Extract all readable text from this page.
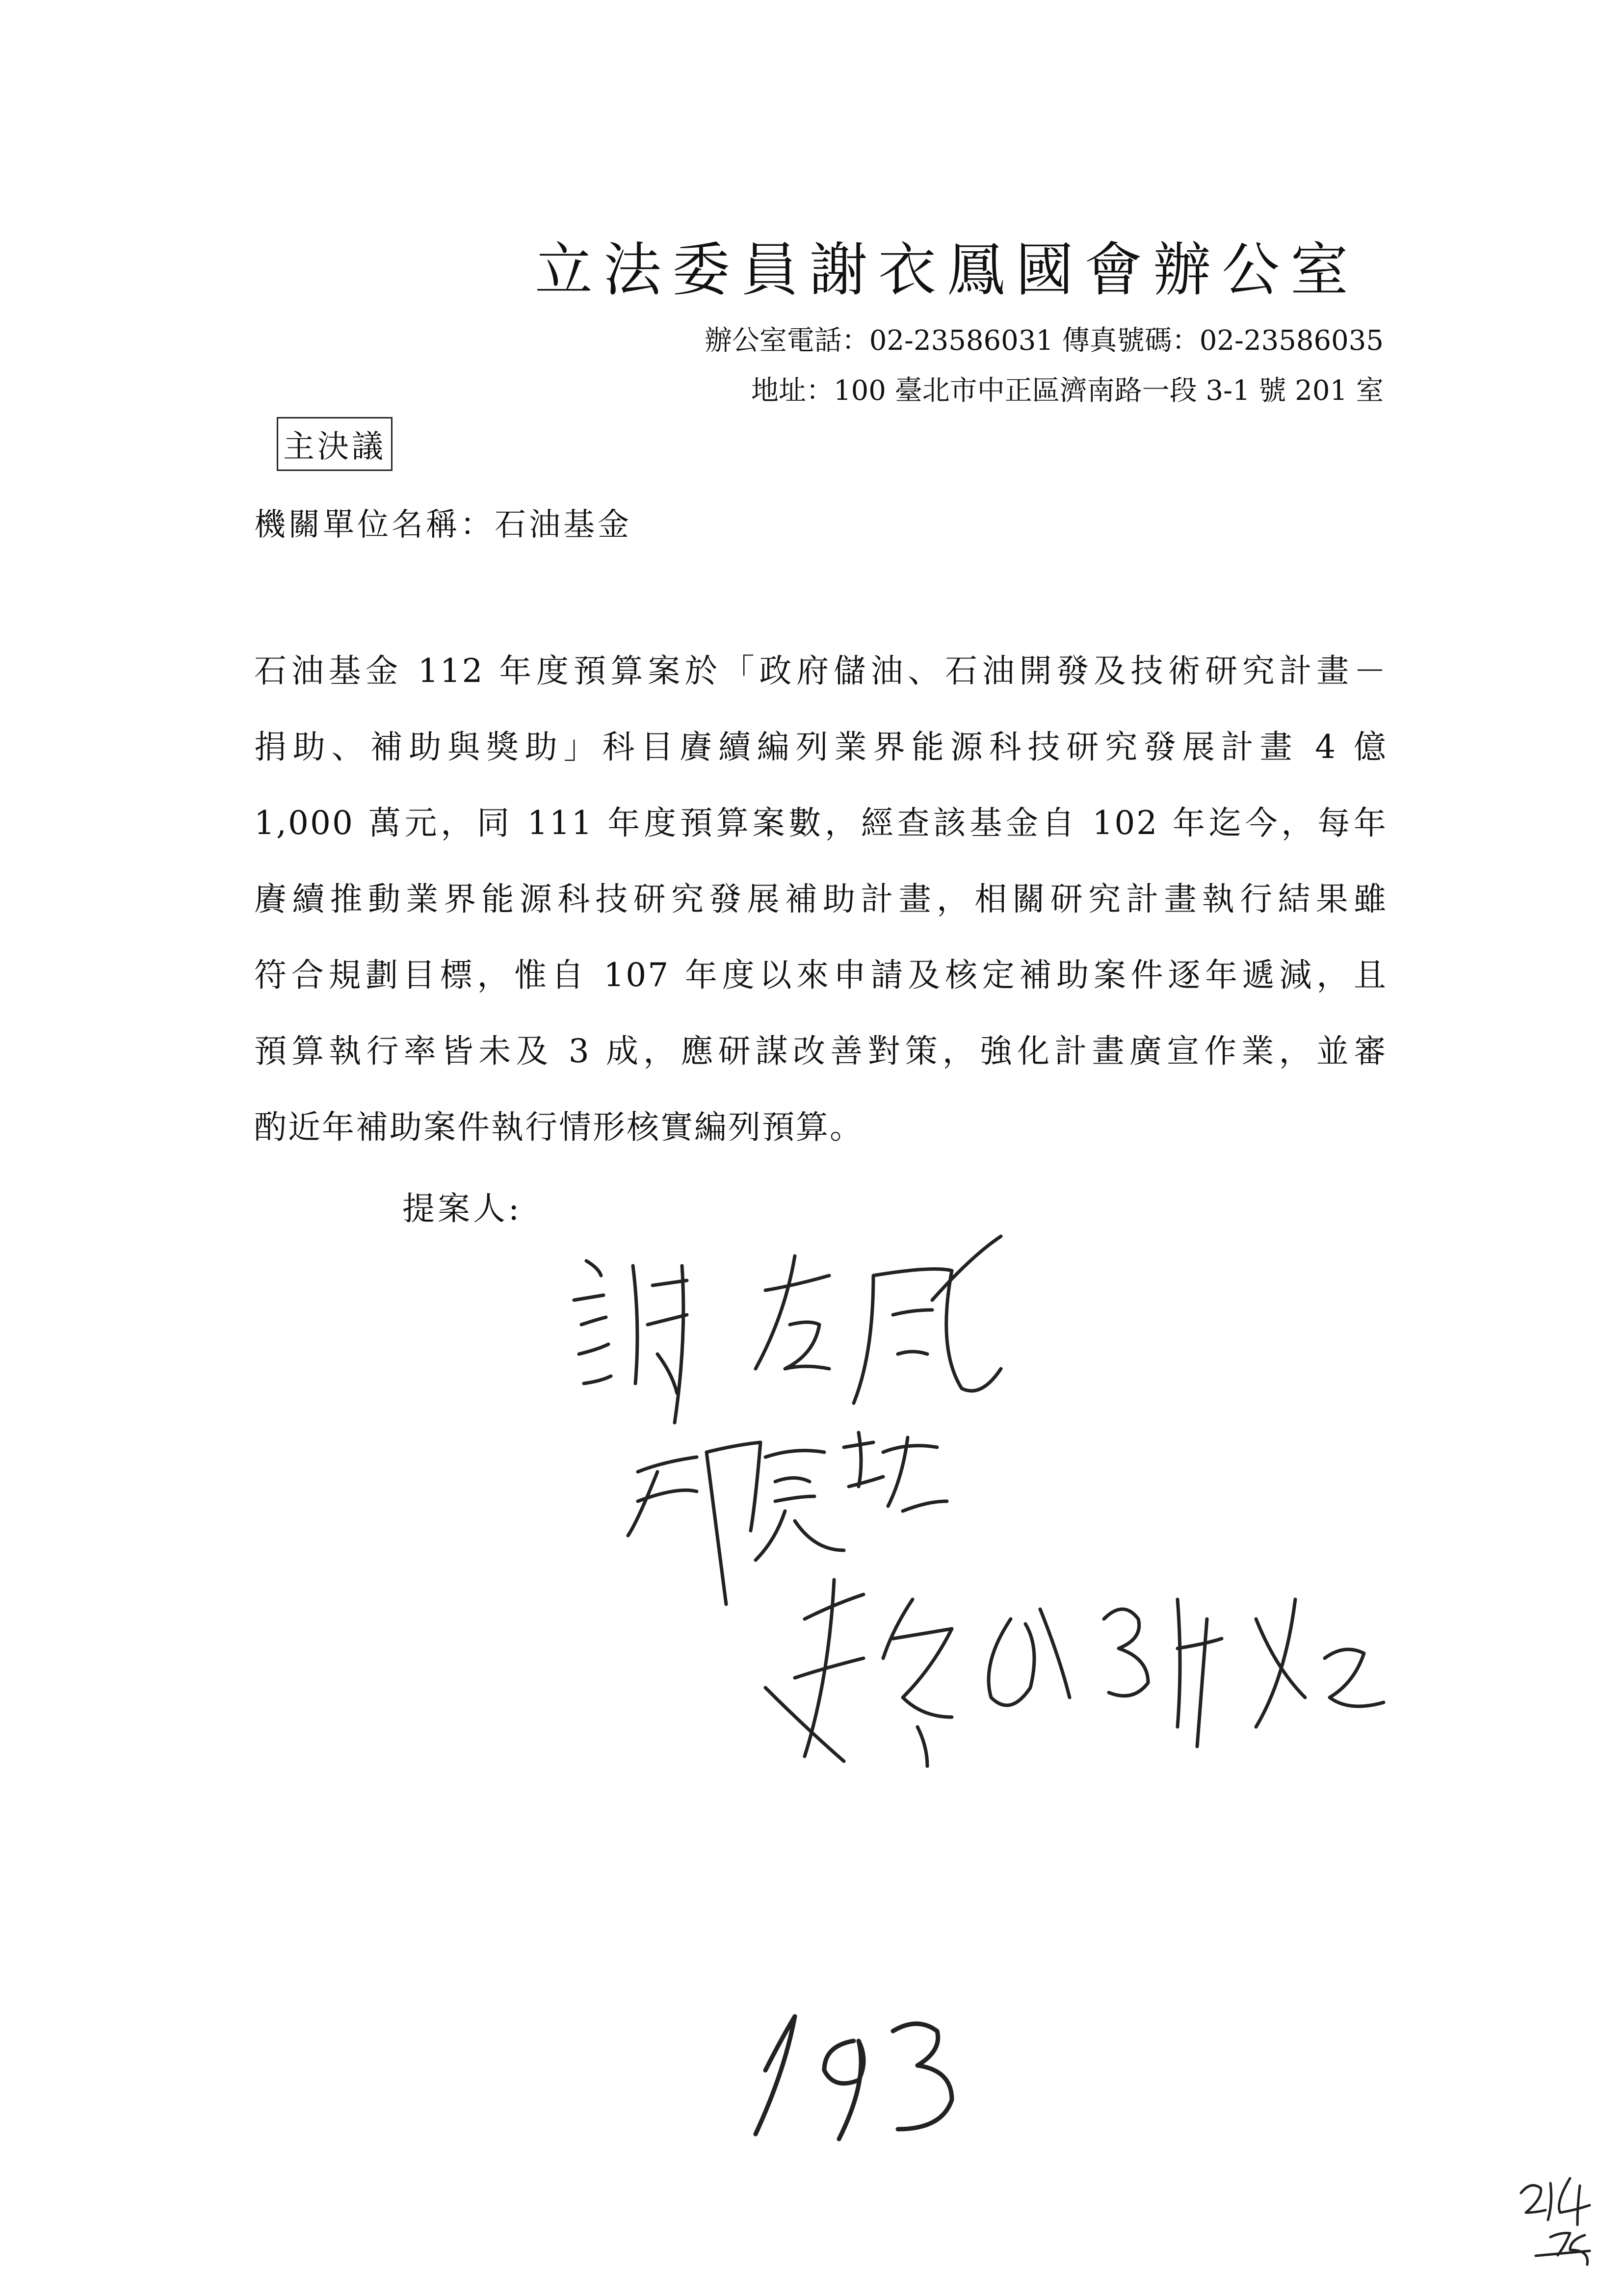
立法委員謝衣鳳國會辦公室
辦公室電話：02-23586031 傳真號碼：02-23586035
地址：100 臺北市中正區濟南路一段 3-1 號 201 室
主決議
機關單位名稱：石油基金
石油基金 112 年度預算案於「政府儲油、石油開發及技術研究計畫－
捐助、補助與獎助」科目賡續編列業界能源科技研究發展計畫 4 億
1,000 萬元，同 111 年度預算案數，經查該基金自 102 年迄今，每年
賡續推動業界能源科技研究發展補助計畫，相關研究計畫執行結果雖
符合規劃目標，惟自 107 年度以來申請及核定補助案件逐年遞減，且
預算執行率皆未及 3 成，應研謀改善對策，強化計畫廣宣作業，並審
酌近年補助案件執行情形核實編列預算。
提案人:
